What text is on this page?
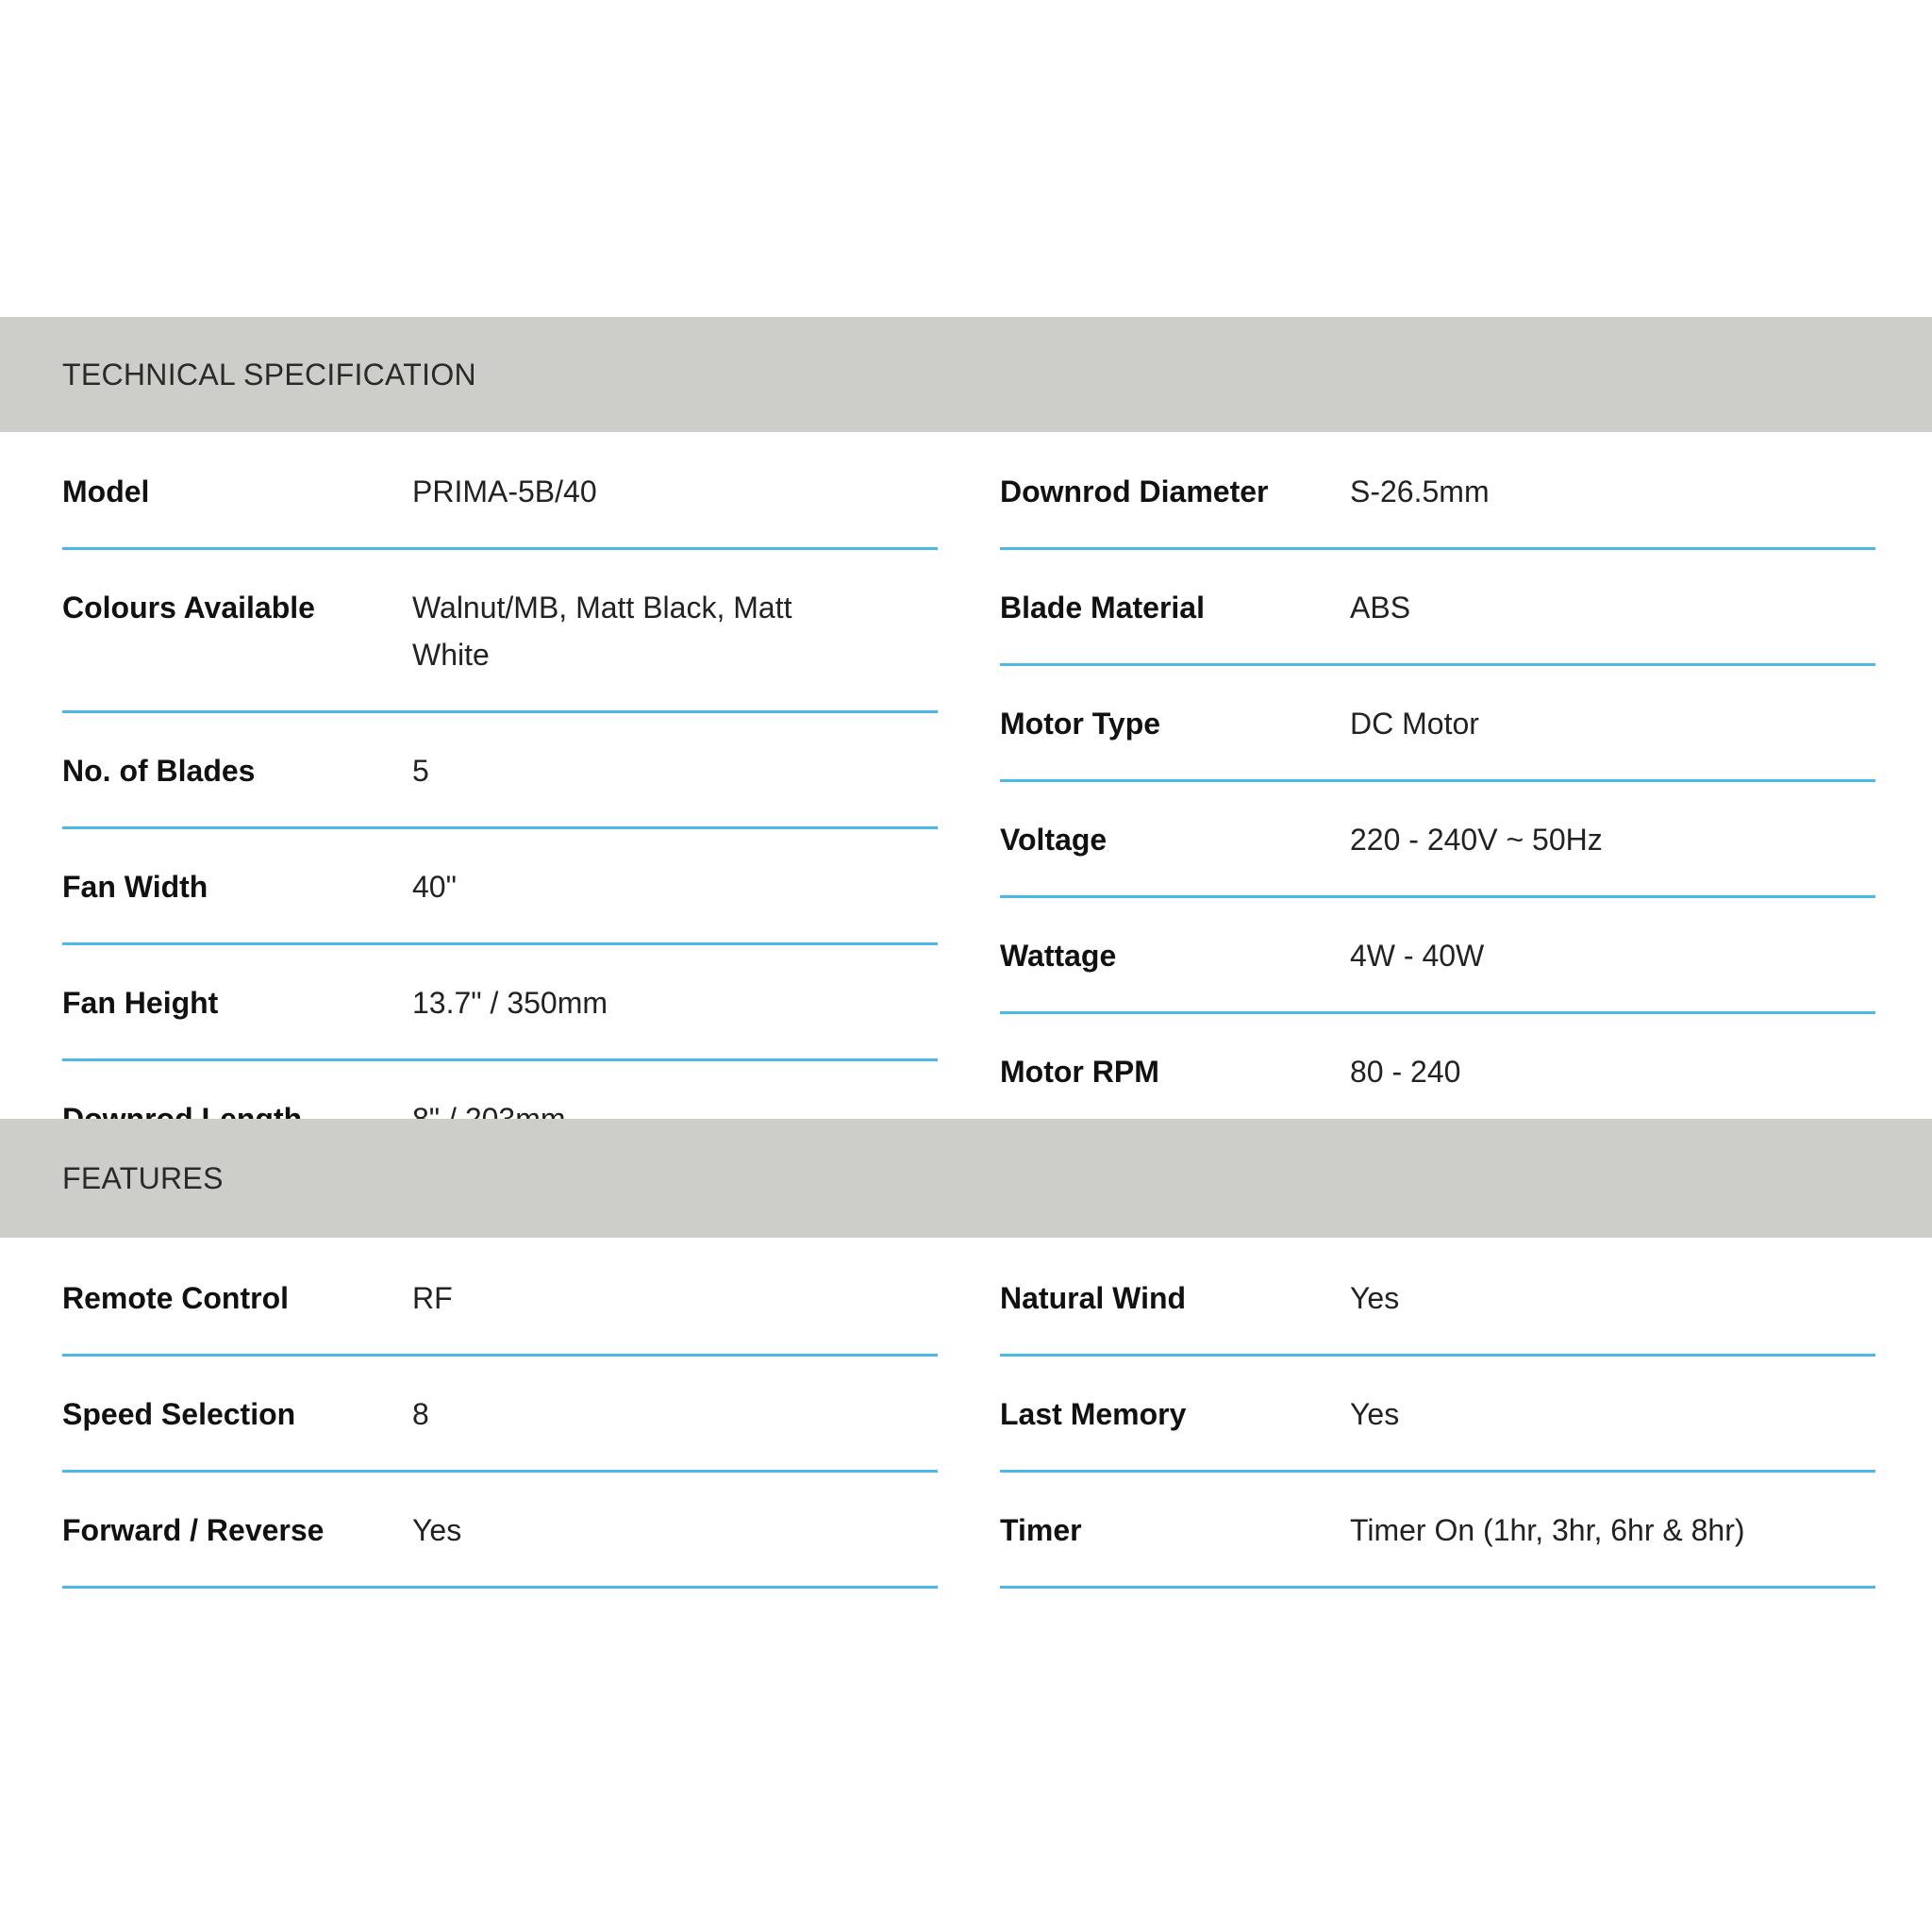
TECHNICAL SPECIFICATION
Model	PRIMA-5B/40
Colours Available	Walnut/MB, Matt Black, Matt White
No. of Blades	5
Fan Width	40"
Fan Height	13.7" / 350mm
Downrod Diameter	S-26.5mm
Blade Material	ABS
Motor Type	DC Motor
Voltage	220 - 240V ~ 50Hz
Wattage	4W - 40W
Motor RPM	80 - 240
FEATURES
Remote Control	RF
Speed Selection	8
Forward / Reverse	Yes
Natural Wind	Yes
Last Memory	Yes
Timer	Timer On (1hr, 3hr, 6hr & 8hr)
